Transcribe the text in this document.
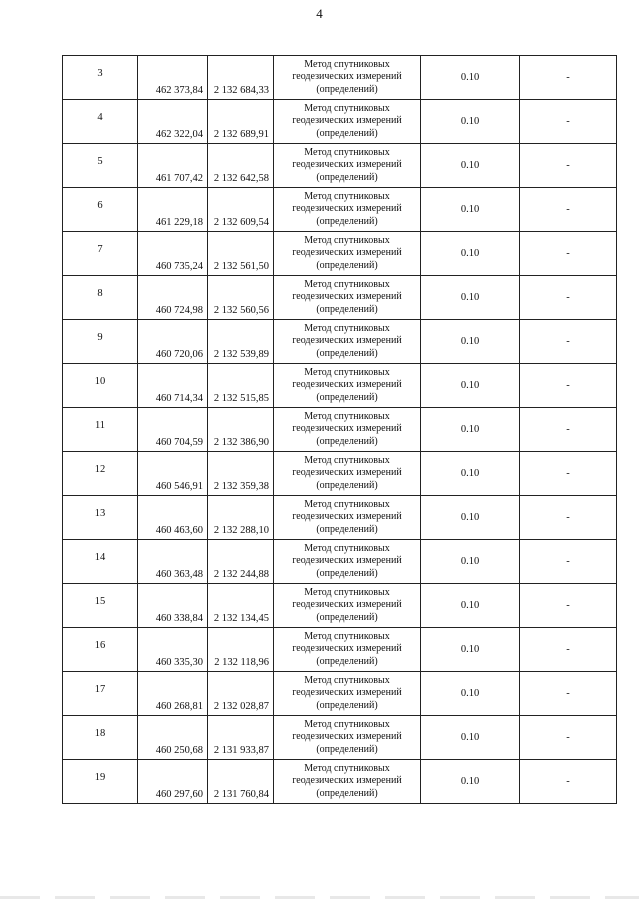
4
3	462 373,84	2 132 684,33	Метод спутниковых
геодезических измерений
(определений)	0.10	-
4	462 322,04	2 132 689,91	Метод спутниковых
геодезических измерений
(определений)	0.10	-
5	461 707,42	2 132 642,58	Метод спутниковых
геодезических измерений
(определений)	0.10	-
6	461 229,18	2 132 609,54	Метод спутниковых
геодезических измерений
(определений)	0.10	-
7	460 735,24	2 132 561,50	Метод спутниковых
геодезических измерений
(определений)	0.10	-
8	460 724,98	2 132 560,56	Метод спутниковых
геодезических измерений
(определений)	0.10	-
9	460 720,06	2 132 539,89	Метод спутниковых
геодезических измерений
(определений)	0.10	-
10	460 714,34	2 132 515,85	Метод спутниковых
геодезических измерений
(определений)	0.10	-
11	460 704,59	2 132 386,90	Метод спутниковых
геодезических измерений
(определений)	0.10	-
12	460 546,91	2 132 359,38	Метод спутниковых
геодезических измерений
(определений)	0.10	-
13	460 463,60	2 132 288,10	Метод спутниковых
геодезических измерений
(определений)	0.10	-
14	460 363,48	2 132 244,88	Метод спутниковых
геодезических измерений
(определений)	0.10	-
15	460 338,84	2 132 134,45	Метод спутниковых
геодезических измерений
(определений)	0.10	-
16	460 335,30	2 132 118,96	Метод спутниковых
геодезических измерений
(определений)	0.10	-
17	460 268,81	2 132 028,87	Метод спутниковых
геодезических измерений
(определений)	0.10	-
18	460 250,68	2 131 933,87	Метод спутниковых
геодезических измерений
(определений)	0.10	-
19	460 297,60	2 131 760,84	Метод спутниковых
геодезических измерений
(определений)	0.10	-
